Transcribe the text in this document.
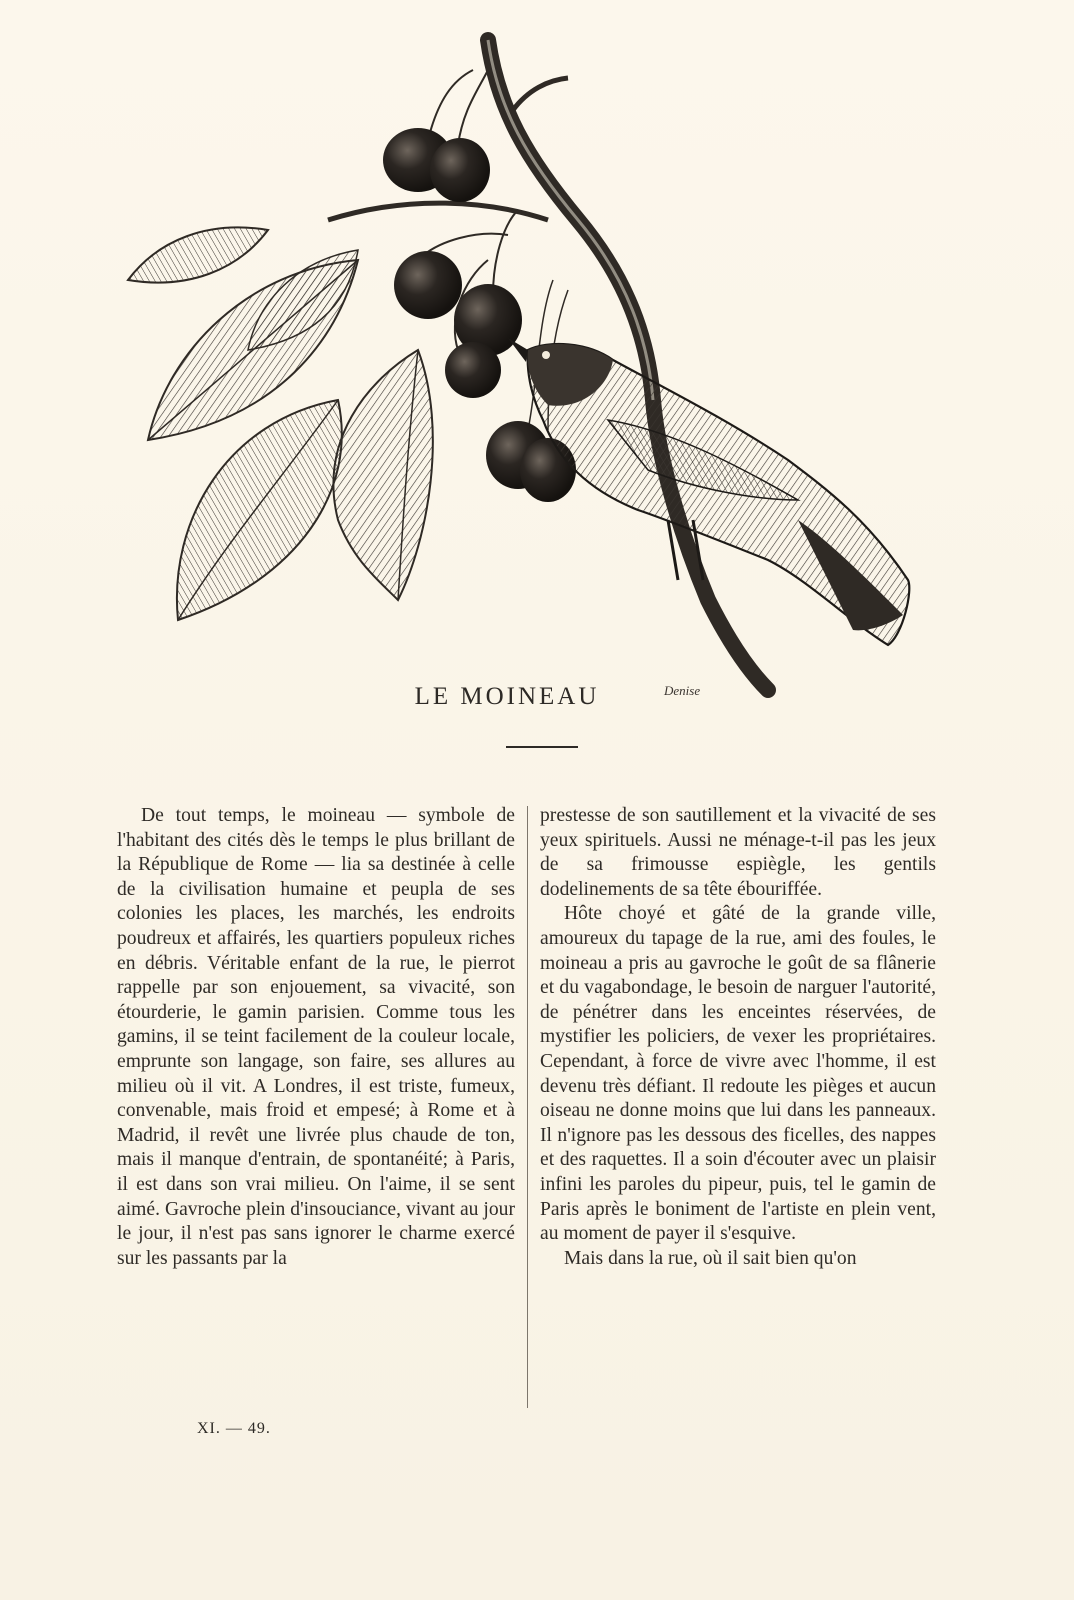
Denise
LE MOINEAU

De tout temps, le moineau — symbole de l'habitant des cités dès le temps le plus brillant de la République de Rome — lia sa destinée à celle de la civilisation humaine et peupla de ses colonies les places, les marchés, les endroits poudreux et affairés, les quartiers populeux riches en débris. Véritable enfant de la rue, le pierrot rappelle par son enjouement, sa vivacité, son étourderie, le gamin parisien. Comme tous les gamins, il se teint facilement de la couleur locale, emprunte son langage, son faire, ses allures au milieu où il vit. A Londres, il est triste, fumeux, convenable, mais froid et empesé; à Rome et à Madrid, il revêt une livrée plus chaude de ton, mais il manque d'entrain, de spontanéité; à Paris, il est dans son vrai milieu. On l'aime, il se sent aimé. Gavroche plein d'insouciance, vivant au jour le jour, il n'est pas sans ignorer le charme exercé sur les passants par la

prestesse de son sautillement et la vivacité de ses yeux spirituels. Aussi ne ménage-t-il pas les jeux de sa frimousse espiègle, les gentils dodelinements de sa tête ébouriffée.

Hôte choyé et gâté de la grande ville, amoureux du tapage de la rue, ami des foules, le moineau a pris au gavroche le goût de sa flânerie et du vagabondage, le besoin de narguer l'autorité, de pénétrer dans les enceintes réservées, de mystifier les policiers, de vexer les propriétaires. Cependant, à force de vivre avec l'homme, il est devenu très défiant. Il redoute les pièges et aucun oiseau ne donne moins que lui dans les panneaux. Il n'ignore pas les dessous des ficelles, des nappes et des raquettes. Il a soin d'écouter avec un plaisir infini les paroles du pipeur, puis, tel le gamin de Paris après le boniment de l'artiste en plein vent, au moment de payer il s'esquive.

Mais dans la rue, où il sait bien qu'on

XI. — 49.
